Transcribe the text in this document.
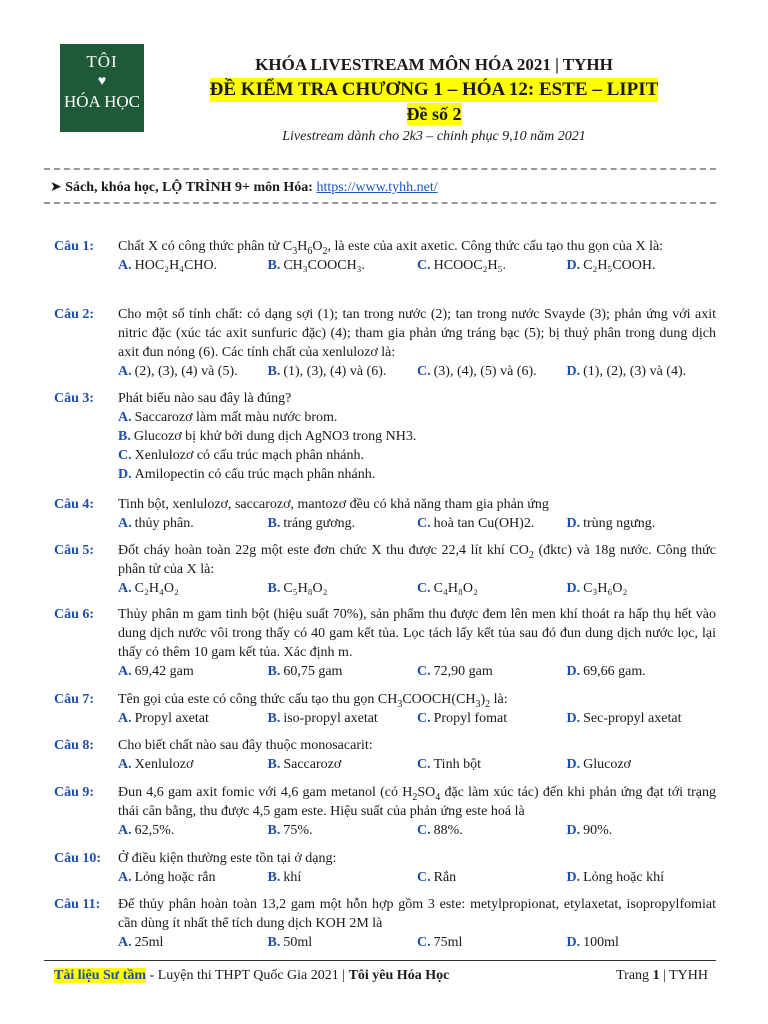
TÔI
♥
HÓA HỌC
KHÓA LIVESTREAM MÔN HÓA 2021 | TYHH
ĐỀ KIỂM TRA CHƯƠNG 1 – HÓA 12: ESTE – LIPIT
Đề số 2
Livestream dành cho 2k3 – chinh phục 9,10 năm 2021
➤ Sách, khóa học, LỘ TRÌNH 9+ môn Hóa: https://www.tyhh.net/
Câu 1:	Chất X có công thức phân tử $C_3H_6O_2$, là este của axit axetic. Công thức cấu tạo thu gọn của X là:
A. HOC₂H₄CHO.	B. CH₃COOCH₃.	C. HCOOC₂H₅.	D. C₂H₅COOH.
Câu 2:	Cho một số tính chất: có dạng sợi (1); tan trong nước (2); tan trong nước Svayde (3); phản ứng với axit nitric đặc (xúc tác axit sunfuric đặc) (4); tham gia phản ứng tráng bạc (5); bị thuỷ phân trong dung dịch axit đun nóng (6). Các tính chất của xenlulozơ là:
A. (2), (3), (4) và (5).	B. (1), (3), (4) và (6).	C. (3), (4), (5) và (6).	D. (1), (2), (3) và (4).
Câu 3:	Phát biểu nào sau đây là đúng?
A. Saccarozơ làm mất màu nước brom.
B. Glucozơ bị khử bởi dung dịch AgNO3 trong NH3.
C. Xenlulozơ có cấu trúc mạch phân nhánh.
D. Amilopectin có cấu trúc mạch phân nhánh.
Câu 4:	Tinh bột, xenlulozơ, saccarozơ, mantozơ đều có khả năng tham gia phản ứng
A. thủy phân.	B. tráng gương.	C. hoà tan Cu(OH)2.	D. trùng ngưng.
Câu 5:	Đốt cháy hoàn toàn 22g một este đơn chức X thu được 22,4 lít khí $CO_2$ (đktc) và 18g nước. Công thức phân tử của X là:
A. C₂H₄O₂	B. C₅H₈O₂	C. C₄H₈O₂	D. C₃H₆O₂
Câu 6:	Thủy phân m gam tinh bột (hiệu suất 70%), sản phẩm thu được đem lên men khí thoát ra hấp thụ hết vào dung dịch nước vôi trong thấy có 40 gam kết tủa. Lọc tách lấy kết tủa sau đó đun dung dịch nước lọc, lại thấy có thêm 10 gam kết tủa. Xác định m.
A. 69,42 gam	B. 60,75 gam	C. 72,90 gam	D. 69,66 gam.
Câu 7:	Tên gọi của este có công thức cấu tạo thu gọn $CH_3COOCH(CH_3)_2$ là:
A. Propyl axetat	B. iso-propyl axetat	C. Propyl fomat	D. Sec-propyl axetat
Câu 8:	Cho biết chất nào sau đây thuộc monosacarit:
A. Xenlulozơ	B. Saccarozơ	C. Tinh bột	D. Glucozơ
Câu 9:	Đun 4,6 gam axit fomic với 4,6 gam metanol (có $H_2SO_4$ đặc làm xúc tác) đến khi phản ứng đạt tới trạng thái cân bằng, thu được 4,5 gam este. Hiệu suất của phản ứng este hoá là
A. 62,5%.	B. 75%.	C. 88%.	D. 90%.
Câu 10:	Ở điều kiện thường este tồn tại ở dạng:
A. Lỏng hoặc rắn	B. khí	C. Rắn	D. Lỏng hoặc khí
Câu 11:	Để thủy phân hoàn toàn 13,2 gam một hỗn hợp gồm 3 este: metylpropionat, etylaxetat, isopropylfomiat cần dùng ít nhất thể tích dung dịch KOH 2M là
A. 25ml	B. 50ml	C. 75ml	D. 100ml
Tài liệu Sư tầm - Luyện thi THPT Quốc Gia 2021 | Tôi yêu Hóa Học	Trang 1 | TYHH
